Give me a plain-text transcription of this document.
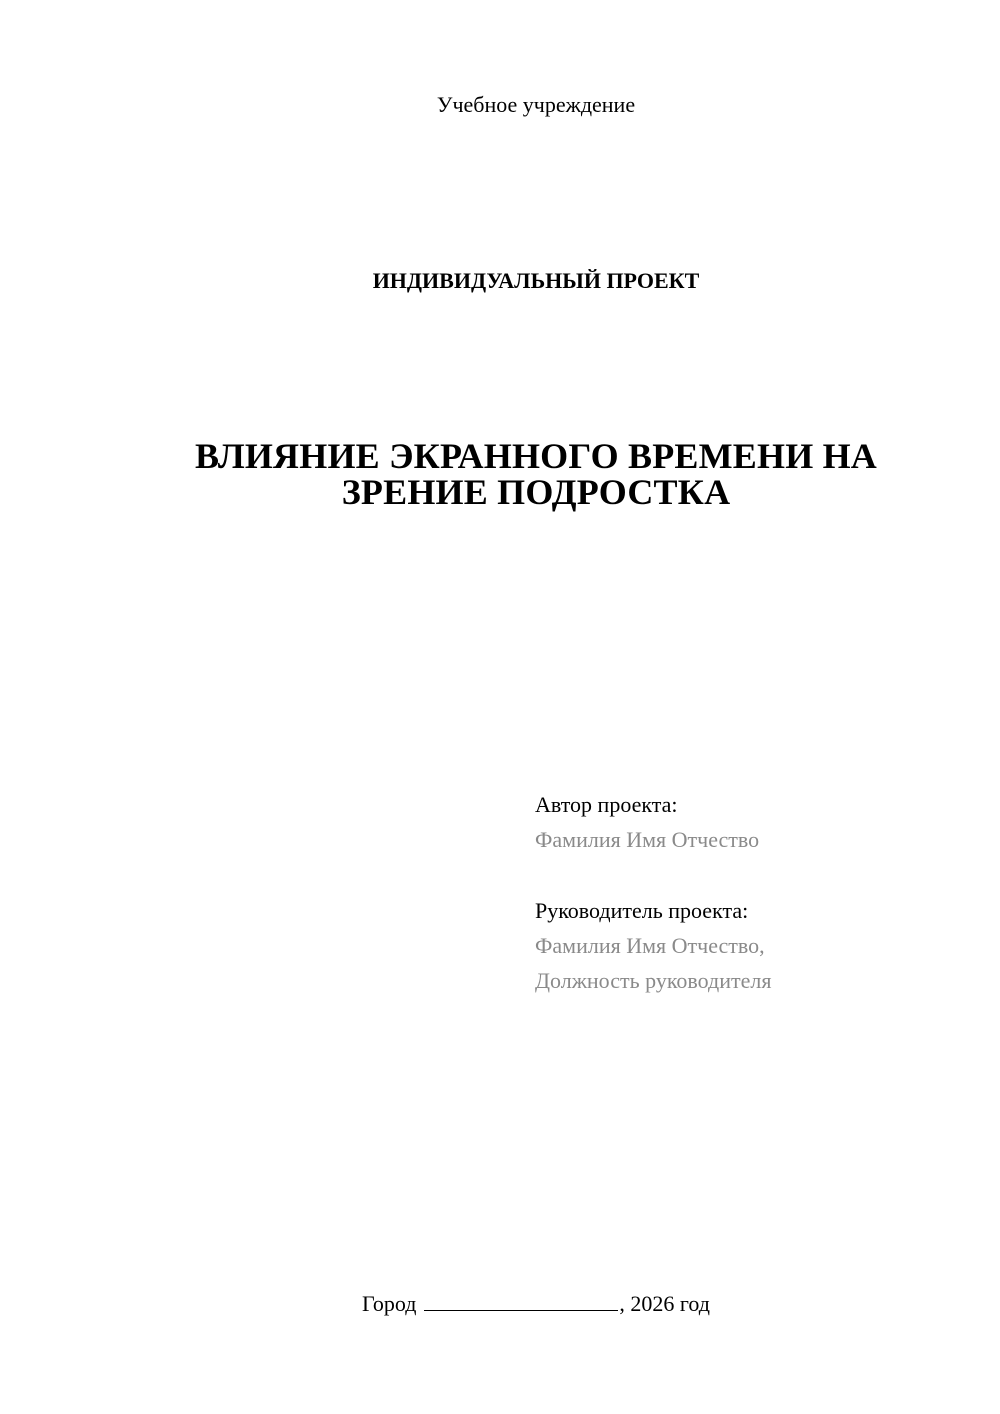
Учебное учреждение
ИНДИВИДУАЛЬНЫЙ ПРОЕКТ
ВЛИЯНИЕ ЭКРАННОГО ВРЕМЕНИ НА
ЗРЕНИЕ ПОДРОСТКА
Автор проекта:
Фамилия Имя Отчество
Руководитель проекта:
Фамилия Имя Отчество,
Должность руководителя
Город	, 2026 год
